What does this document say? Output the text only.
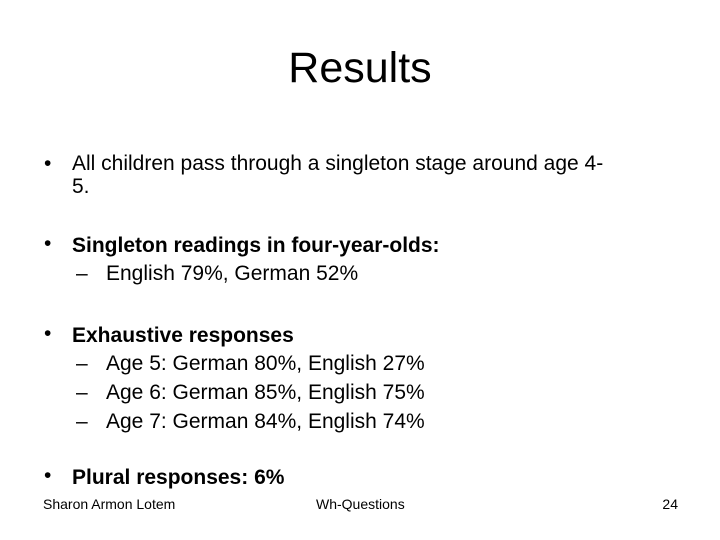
Results
• All children pass through a singleton stage around age 4-
5.
• Singleton readings in four-year-olds:
– English 79%, German 52%
• Exhaustive responses
– Age 5: German 80%, English 27%
– Age 6: German 85%, English 75%
– Age 7: German 84%, English 74%
• Plural responses: 6%
Sharon Armon Lotem	Wh-Questions	24
